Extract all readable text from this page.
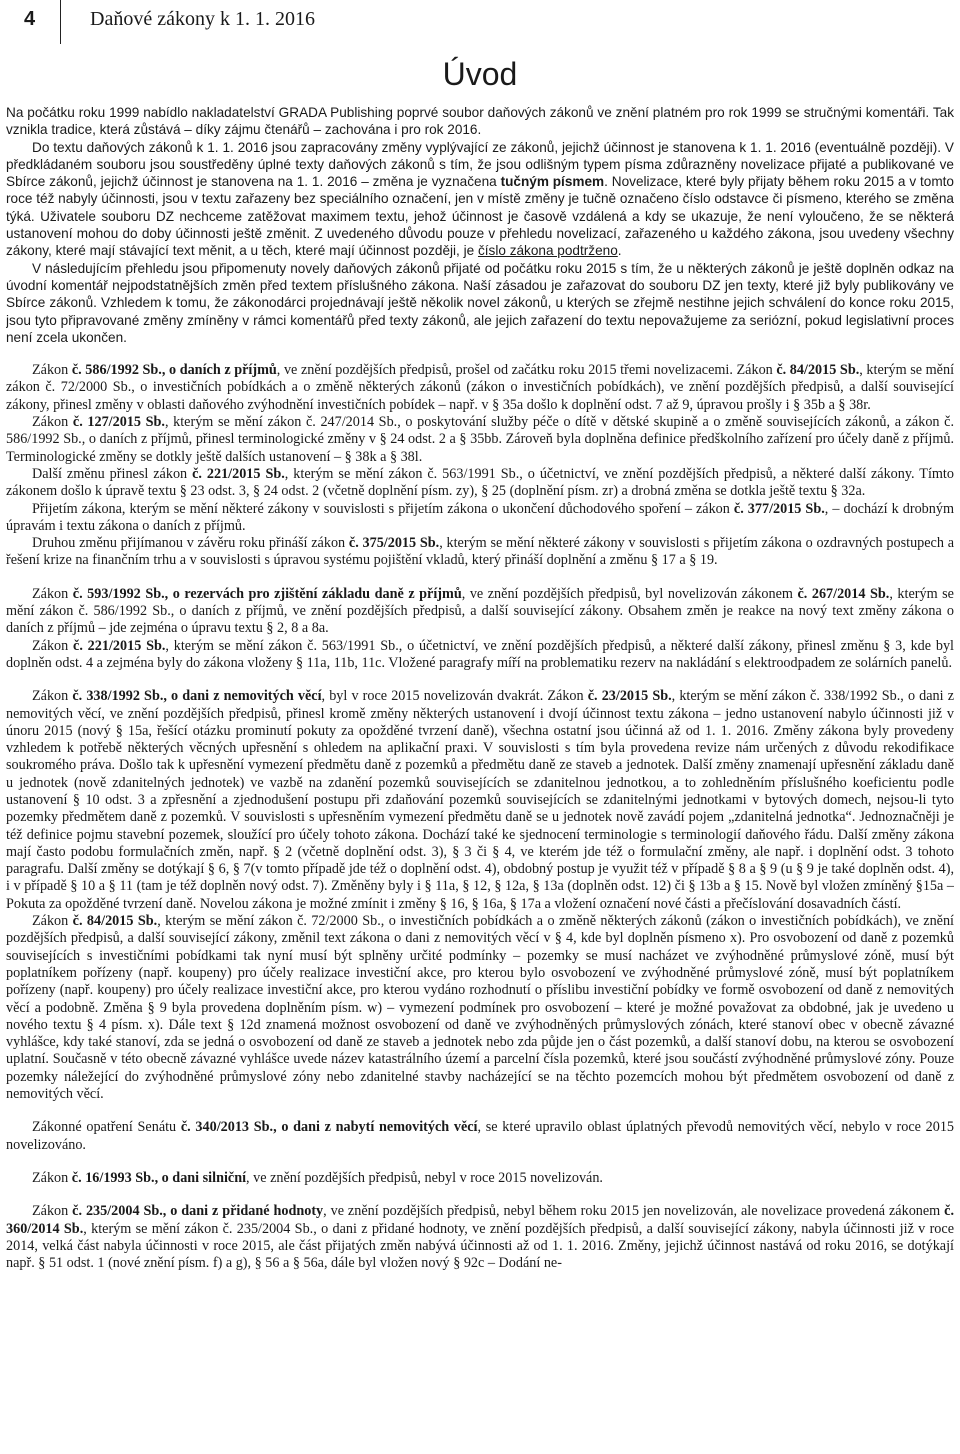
4	Daňové zákony k 1. 1. 2016
Úvod

Na počátku roku 1999 nabídlo nakladatelství GRADA Publishing poprvé soubor daňových zákonů ve znění platném pro rok 1999 se stručnými komentáři. Tak vznikla tradice, která zůstává – díky zájmu čtenářů – zachována i pro rok 2016.

Do textu daňových zákonů k 1. 1. 2016 jsou zapracovány změny vyplývající ze zákonů, jejichž účinnost je stanovena k 1. 1. 2016 (eventuálně později). V předkládaném souboru jsou soustředěny úplné texty daňových zákonů s tím, že jsou odlišným typem písma zdůrazněny novelizace přijaté a publikované ve Sbírce zákonů, jejichž účinnost je stanovena na 1. 1. 2016 – změna je vyznačena tučným písmem. Novelizace, které byly přijaty během roku 2015 a v tomto roce též nabyly účinnosti, jsou v textu zařazeny bez speciálního označení, jen v místě změny je tučně označeno číslo odstavce či písmeno, kterého se změna týká. Uživatele souboru DZ nechceme zatěžovat maximem textu, jehož účinnost je časově vzdálená a kdy se ukazuje, že není vyloučeno, že se některá ustanovení mohou do doby účinnosti ještě změnit. Z uvedeného důvodu pouze v přehledu novelizací, zařazeného u každého zákona, jsou uvedeny všechny zákony, které mají stávající text měnit, a u těch, které mají účinnost později, je číslo zákona podtrženo.

V následujícím přehledu jsou připomenuty novely daňových zákonů přijaté od počátku roku 2015 s tím, že u některých zákonů je ještě doplněn odkaz na úvodní komentář nejpodstatnějších změn před textem příslušného zákona. Naší zásadou je zařazovat do souboru DZ jen texty, které již byly publikovány ve Sbírce zákonů. Vzhledem k tomu, že zákonodárci projednávají ještě několik novel zákonů, u kterých se zřejmě nestihne jejich schválení do konce roku 2015, jsou tyto připravované změny zmíněny v rámci komentářů před texty zákonů, ale jejich zařazení do textu nepovažujeme za seriózní, pokud legislativní proces není zcela ukončen.

Zákon č. 586/1992 Sb., o daních z příjmů, ve znění pozdějších předpisů, prošel od začátku roku 2015 třemi novelizacemi. Zákon č. 84/2015 Sb., kterým se mění zákon č. 72/2000 Sb., o investičních pobídkách a o změně některých zákonů (zákon o investičních pobídkách), ve znění pozdějších předpisů, a další související zákony, přinesl změny v oblasti daňového zvýhodnění investičních pobídek – např. v § 35a došlo k doplnění odst. 7 až 9, úpravou prošly i § 35b a § 38r.

Zákon č. 127/2015 Sb., kterým se mění zákon č. 247/2014 Sb., o poskytování služby péče o dítě v dětské skupině a o změně souvisejících zákonů, a zákon č. 586/1992 Sb., o daních z příjmů, přinesl terminologické změny v § 24 odst. 2 a § 35bb. Zároveň byla doplněna definice předškolního zařízení pro účely daně z příjmů. Terminologické změny se dotkly ještě dalších ustanovení – § 38k a § 38l.

Další změnu přinesl zákon č. 221/2015 Sb., kterým se mění zákon č. 563/1991 Sb., o účetnictví, ve znění pozdějších předpisů, a některé další zákony. Tímto zákonem došlo k úpravě textu § 23 odst. 3, § 24 odst. 2 (včetně doplnění písm. zy), § 25 (doplnění písm. zr) a drobná změna se dotkla ještě textu § 32a.

Přijetím zákona, kterým se mění některé zákony v souvislosti s přijetím zákona o ukončení důchodového spoření – zákon č. 377/2015 Sb., – dochází k drobným úpravám i textu zákona o daních z příjmů.

Druhou změnu přijímanou v závěru roku přináší zákon č. 375/2015 Sb., kterým se mění některé zákony v souvislosti s přijetím zákona o ozdravných postupech a řešení krize na finančním trhu a v souvislosti s úpravou systému pojištění vkladů, který přináší doplnění a změnu § 17 a § 19.

Zákon č. 593/1992 Sb., o rezervách pro zjištění základu daně z příjmů, ve znění pozdějších předpisů, byl novelizován zákonem č. 267/2014 Sb., kterým se mění zákon č. 586/1992 Sb., o daních z příjmů, ve znění pozdějších předpisů, a další související zákony. Obsahem změn je reakce na nový text změny zákona o daních z příjmů – jde zejména o úpravu textu § 2, 8 a 8a.

Zákon č. 221/2015 Sb., kterým se mění zákon č. 563/1991 Sb., o účetnictví, ve znění pozdějších předpisů, a některé další zákony, přinesl změnu § 3, kde byl doplněn odst. 4 a zejména byly do zákona vloženy § 11a, 11b, 11c. Vložené paragrafy míří na problematiku rezerv na nakládání s elektroodpadem ze solárních panelů.

Zákon č. 338/1992 Sb., o dani z nemovitých věcí, byl v roce 2015 novelizován dvakrát. Zákon č. 23/2015 Sb., kterým se mění zákon č. 338/1992 Sb., o dani z nemovitých věcí, ve znění pozdějších předpisů, přinesl kromě změny některých ustanovení i dvojí účinnost textu zákona – jedno ustanovení nabylo účinnosti již v únoru 2015 (nový § 15a, řešící otázku prominutí pokuty za opožděné tvrzení daně), všechna ostatní jsou účinná až od 1. 1. 2016. Změny zákona byly provedeny vzhledem k potřebě některých věcných upřesnění s ohledem na aplikační praxi. V souvislosti s tím byla provedena revize nám určených z důvodu rekodifikace soukromého práva. Došlo tak k upřesnění vymezení předmětu daně z pozemků a předmětu daně ze staveb a jednotek. Další změny znamenají upřesnění základu daně u jednotek (nově zdanitelných jednotek) ve vazbě na zdanění pozemků souvisejících se zdanitelnou jednotkou, a to zohledněním příslušného koeficientu podle ustanovení § 10 odst. 3 a zpřesnění a zjednodušení postupu při zdaňování pozemků souvisejících se zdanitelnými jednotkami v bytových domech, nejsou-li tyto pozemky předmětem daně z pozemků. V souvislosti s upřesněním vymezení předmětu daně se u jednotek nově zavádí pojem „zdanitelná jednotka“. Jednoznačněji je též definice pojmu stavební pozemek, sloužící pro účely tohoto zákona. Dochází také ke sjednocení terminologie s terminologií daňového řádu. Další změny zákona mají často podobu formulačních změn, např. § 2 (včetně doplnění odst. 3), § 3 či § 4, ve kterém jde též o formulační změny, ale např. i doplnění odst. 3 tohoto paragrafu. Další změny se dotýkají § 6, § 7(v tomto případě jde též o doplnění odst. 4), obdobný postup je využit též v případě § 8 a § 9 (u § 9 je také doplněn odst. 4), i v případě § 10 a § 11 (tam je též doplněn nový odst. 7). Změněny byly i § 11a, § 12, § 12a, § 13a (doplněn odst. 12) či § 13b a § 15. Nově byl vložen zmíněný §15a – Pokuta za opožděné tvrzení daně. Novelou zákona je možné zmínit i změny § 16, § 16a, § 17a a vložení označení nové části a přečíslování dosavadních částí.

Zákon č. 84/2015 Sb., kterým se mění zákon č. 72/2000 Sb., o investičních pobídkách a o změně některých zákonů (zákon o investičních pobídkách), ve znění pozdějších předpisů, a další související zákony, změnil text zákona o dani z nemovitých věcí v § 4, kde byl doplněn písmeno x). Pro osvobození od daně z pozemků souvisejících s investičními pobídkami tak nyní musí být splněny určité podmínky – pozemky se musí nacházet ve zvýhodněné průmyslové zóně, musí být poplatníkem pořízeny (např. koupeny) pro účely realizace investiční akce, pro kterou bylo osvobození ve zvýhodněné průmyslové zóně, musí být poplatníkem pořízeny (např. koupeny) pro účely realizace investiční akce, pro kterou vydáno rozhodnutí o příslibu investiční pobídky ve formě osvobození od daně z nemovitých věcí a podobně. Změna § 9 byla provedena doplněním písm. w) – vymezení podmínek pro osvobození – které je možné považovat za obdobné, jak je uvedeno u nového textu § 4 písm. x). Dále text § 12d znamená možnost osvobození od daně ve zvýhodněných průmyslových zónách, které stanoví obec v obecně závazné vyhlášce, kdy také stanoví, zda se jedná o osvobození od daně ze staveb a jednotek nebo zda půjde jen o část pozemků, a další stanoví dobu, na kterou se osvobození uplatní. Současně v této obecně závazné vyhlášce uvede název katastrálního území a parcelní čísla pozemků, které jsou součástí zvýhodněné průmyslové zóny. Pouze pozemky náležející do zvýhodněné průmyslové zóny nebo zdanitelné stavby nacházející se na těchto pozemcích mohou být předmětem osvobození od daně z nemovitých věcí.

Zákonné opatření Senátu č. 340/2013 Sb., o dani z nabytí nemovitých věcí, se které upravilo oblast úplatných převodů nemovitých věcí, nebylo v roce 2015 novelizováno.

Zákon č. 16/1993 Sb., o dani silniční, ve znění pozdějších předpisů, nebyl v roce 2015 novelizován.

Zákon č. 235/2004 Sb., o dani z přidané hodnoty, ve znění pozdějších předpisů, nebyl během roku 2015 jen novelizován, ale novelizace provedená zákonem č. 360/2014 Sb., kterým se mění zákon č. 235/2004 Sb., o dani z přidané hodnoty, ve znění pozdějších předpisů, a další související zákony, nabyla účinnosti již v roce 2014, velká část nabyla účinnosti v roce 2015, ale část přijatých změn nabývá účinnosti až od 1. 1. 2016. Změny, jejichž účinnost nastává od roku 2016, se dotýkají např. § 51 odst. 1 (nové znění písm. f) a g), § 56 a § 56a, dále byl vložen nový § 92c – Dodání ne-
